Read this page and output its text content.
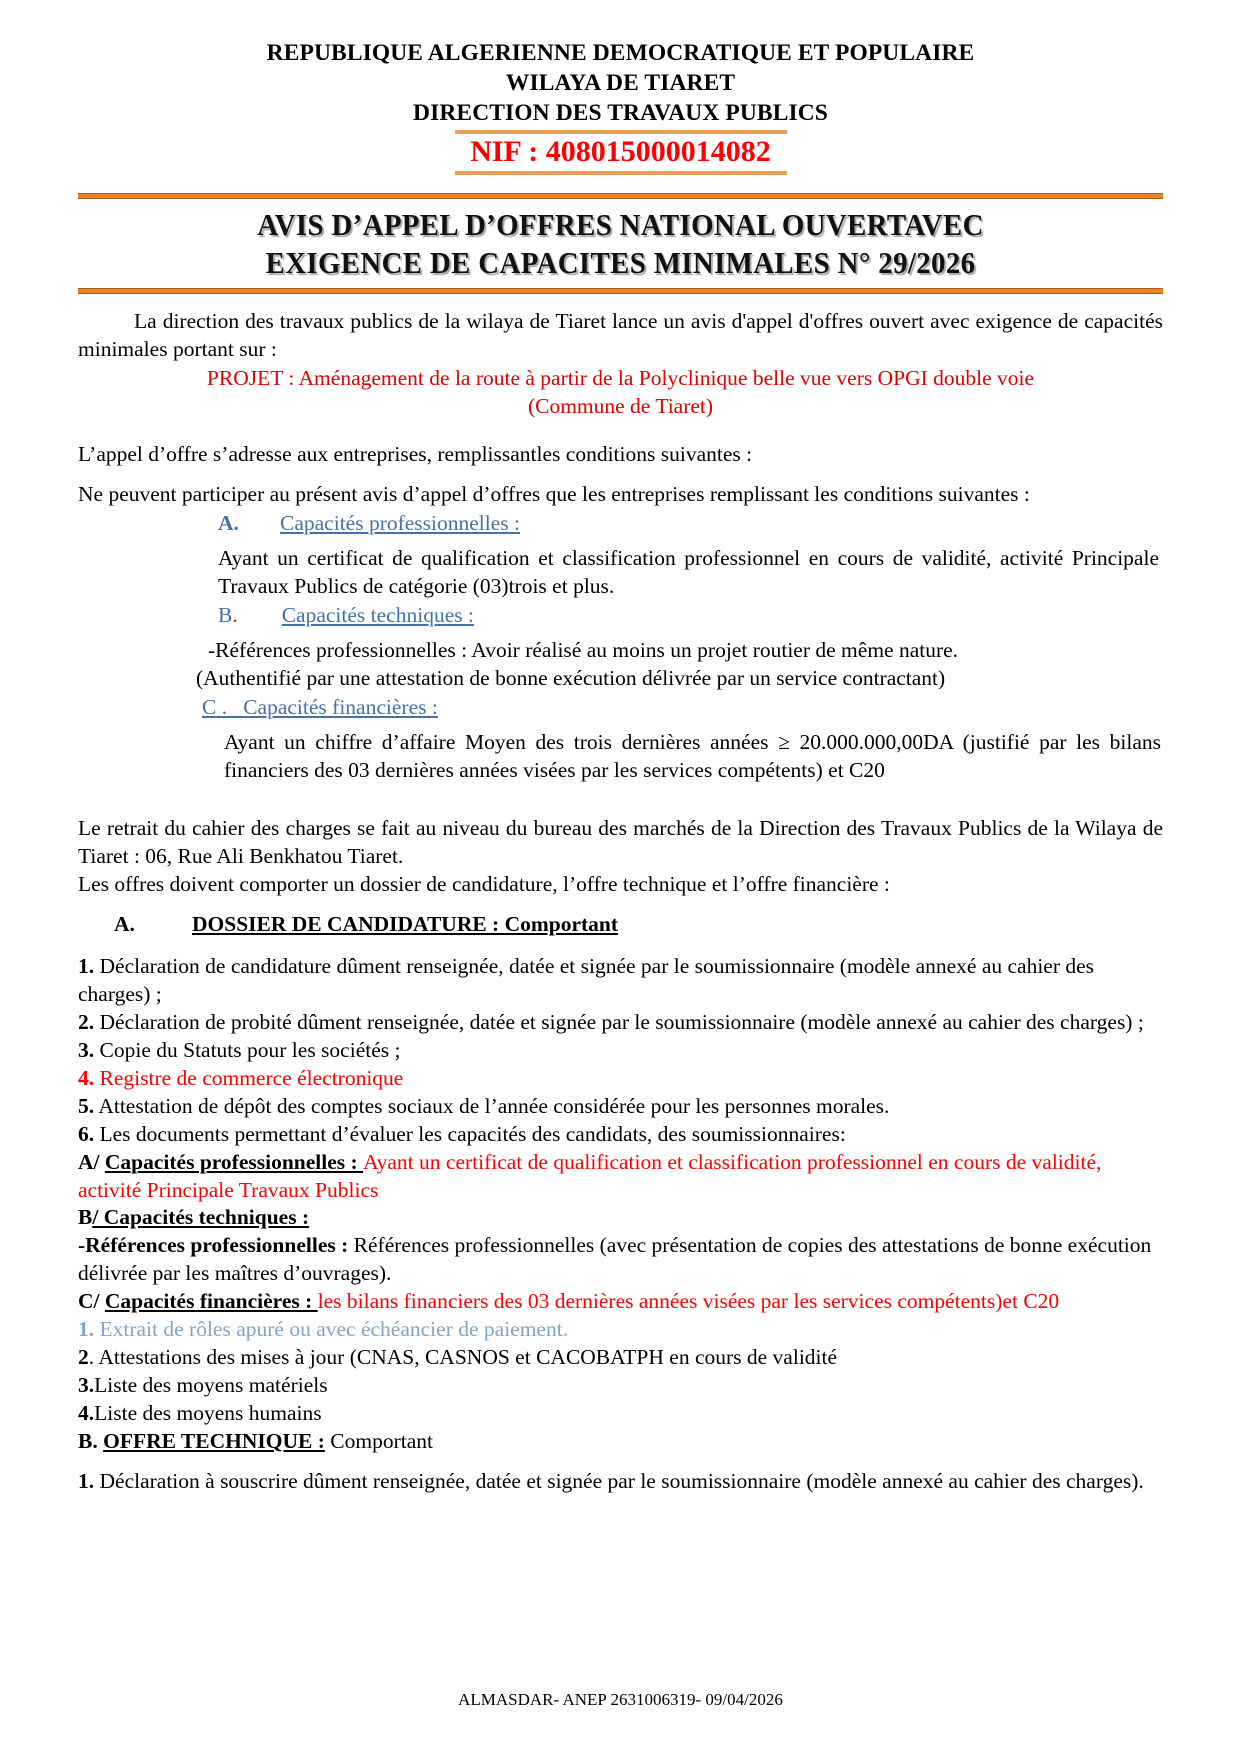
REPUBLIQUE ALGERIENNE DEMOCRATIQUE ET POPULAIRE
WILAYA DE TIARET
DIRECTION DES TRAVAUX PUBLICS
NIF : 408015000014082
AVIS D’APPEL D’OFFRES NATIONAL OUVERTAVEC
EXIGENCE DE CAPACITES MINIMALES N° 29/2026

La direction des travaux publics de la wilaya de Tiaret lance un avis d'appel d'offres ouvert avec exigence de capacités minimales portant sur :

PROJET : Aménagement de la route à partir de la Polyclinique belle vue vers OPGI double voie

(Commune de Tiaret)

L’appel d’offre s’adresse aux entreprises, remplissantles conditions suivantes :

Ne peuvent participer au présent avis d’appel d’offres que les entreprises remplissant les conditions suivantes :

A. Capacités professionnelles :

Ayant un certificat de qualification et classification professionnel en cours de validité, activité Principale Travaux Publics de catégorie (03)trois et plus.

B. Capacités techniques :

-Références professionnelles : Avoir réalisé au moins un projet routier de même nature.

(Authentifié par une attestation de bonne exécution délivrée par un service contractant)

C . Capacités financières :

Ayant un chiffre d’affaire Moyen des trois dernières années ≥ 20.000.000,00DA (justifié par les bilans financiers des 03 dernières années visées par les services compétents) et C20

Le retrait du cahier des charges se fait au niveau du bureau des marchés de la Direction des Travaux Publics de la Wilaya de Tiaret : 06, Rue Ali Benkhatou Tiaret.

Les offres doivent comporter un dossier de candidature, l’offre technique et l’offre financière :

A.	DOSSIER DE CANDIDATURE : Comportant

1. Déclaration de candidature dûment renseignée, datée et signée par le soumissionnaire (modèle annexé au cahier des charges) ;

2. Déclaration de probité dûment renseignée, datée et signée par le soumissionnaire (modèle annexé au cahier des charges) ;

3. Copie du Statuts pour les sociétés ;

4. Registre de commerce électronique

5. Attestation de dépôt des comptes sociaux de l’année considérée pour les personnes morales.

6. Les documents permettant d’évaluer les capacités des candidats, des soumissionnaires:

A/ Capacités professionnelles : Ayant un certificat de qualification et classification professionnel en cours de validité, activité Principale Travaux Publics

B/ Capacités techniques :

-Références professionnelles : Références professionnelles (avec présentation de copies des attestations de bonne exécution délivrée par les maîtres d’ouvrages).

C/ Capacités financières : les bilans financiers des 03 dernières années visées par les services compétents)et C20

1. Extrait de rôles apuré ou avec échéancier de paiement.

2. Attestations des mises à jour (CNAS, CASNOS et CACOBATPH en cours de validité

3.Liste des moyens matériels

4.Liste des moyens humains

B. OFFRE TECHNIQUE : Comportant

1. Déclaration à souscrire dûment renseignée, datée et signée par le soumissionnaire (modèle annexé au cahier des charges).

ALMASDAR- ANEP 2631006319- 09/04/2026
